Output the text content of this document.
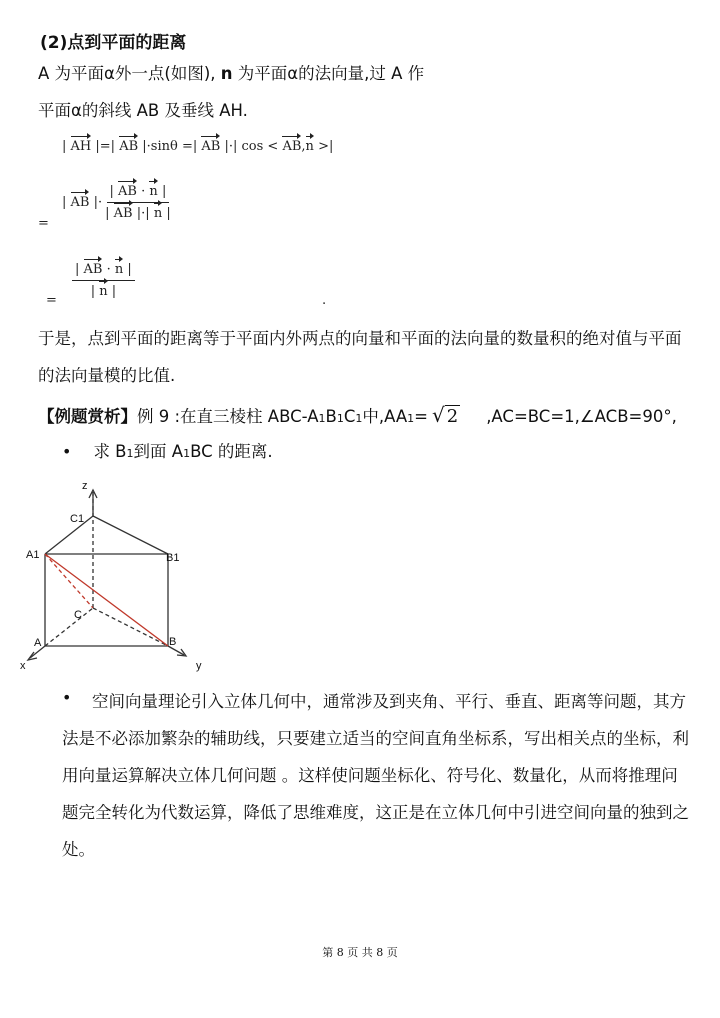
(2)点到平面的距离
A 为平面α外一点(如图), n 为平面α的法向量,过 A 作
平面α的斜线 AB 及垂线 AH.
| AH |=| AB |·sinθ =| AB |·| cos < AB,n >|
=
|
AB
|· $\frac{| AB \cdot n |}{| AB |\cdot| n |}$
=
$\frac{| AB \cdot n |}{| n |}$
.
于是，点到平面的距离等于平面内外两点的向量和平面的法向量的数量积的绝对值与平面
的法向量模的比值.
【例题赏析】 例 9 :在直三棱柱 ABC-A 1 B 1 C 1 中,AA 1 = √ 2 ,AC=BC=1,∠ACB=90°,
• 求 B 1 到面 A 1 BC 的距离.
z
C1
A1	B1
C
A	B
x	y
• 空间向量理论引入立体几何中，通常涉及到夹角、平行、垂直、距离等问题，其方
法是不必添加繁杂的辅助线，只要建立适当的空间直角坐标系，写出相关点的坐标，利
用向量运算解决立体几何问题 。这样使问题坐标化、符号化、数量化，从而将推理问
题完全转化为代数运算，降低了思维难度，这正是在立体几何中引进空间向量的独到之
处。
第 8 页 共 8 页
